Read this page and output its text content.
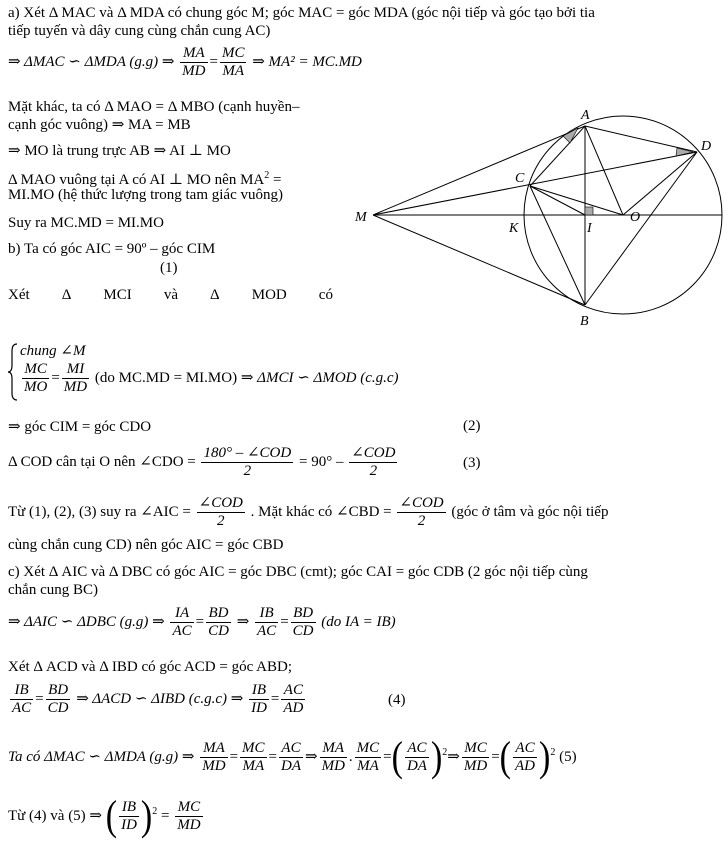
a) Xét Δ MAC và Δ MDA có chung góc M; góc MAC = góc MDA (góc nội tiếp và góc tạo bởi tia
tiếp tuyến và dây cung cùng chắn cung AC)
⇒ ΔMAC ∽ ΔMDA (g.g) ⇒ $\frac{MA}{MD} = \frac{MC}{MA}$ ⇒ MA² = MC.MD
Mặt khác, ta có Δ MAO = Δ MBO (cạnh huyền–
cạnh góc vuông) ⇒ MA = MB
⇒ MO là trung trực AB ⇒ AI ⊥ MO
Δ MAO vuông tại A có AI ⊥ MO nên $MA^2$ =
MI.MO (hệ thức lượng trong tam giác vuông)
Suy ra MC.MD = MI.MO
b) Ta có góc AIC = 90º – góc CIM
(1)
Xét Δ MCI và Δ MOD có
chung ∠M
$\frac{MC}{MO} = \frac{MI}{MD} (do$ MC.MD = MI.MO) ⇒ ΔMCI ∽ ΔMOD (c.g.c)
⇒ góc CIM = góc CDO	(2)
Δ COD cân tại O nên ∠CDO =
180° – ∠COD
2
= 90° –
∠COD
2
(3)
Từ (1), (2), (3) suy ra ∠AIC =
∠COD
2
. Mặt khác có ∠CBD =
∠COD
2
(góc ở tâm và góc nội tiếp
cùng chắn cung CD) nên góc AIC = góc CBD
c) Xét Δ AIC và Δ DBC có góc AIC = góc DBC (cmt); góc CAI = góc CDB (2 góc nội tiếp cùng
chắn cung BC)
⇒ ΔAIC ∽ ΔDBC (g.g) ⇒ $\frac{IA}{AC} = \frac{BD}{CD}$ ⇒ $\frac{IB}{AC} = \frac{BD}{CD} (do$ IA = IB)
Xét Δ ACD và Δ IBD có góc ACD = góc ABD;
$\frac{IB}{AC} = \frac{BD}{CD}$ ⇒ ΔACD ∽ ΔIBD (c.g.c) ⇒ $\frac{IB}{ID} = \frac{AC}{AD}$	(4)
Ta có ΔMAC ∽ ΔMDA (g.g) ⇒ $\frac{MA}{MD} = \frac{MC}{MA} = \frac{AC}{DA}$ ⇒ $\frac{MA}{MD}$ . $\frac{MC}{MA}$ =( $\frac{AC}{DA}$ )$^2$⇒ $\frac{MC}{MD}$ =( $\frac{AC}{AD} )^2$ (5)
Từ (4) và (5) ⇒ ( $\frac{IB}{ID} )^2 = \frac{MC}{MD}$
M
A
B
C
D
K	I
O
